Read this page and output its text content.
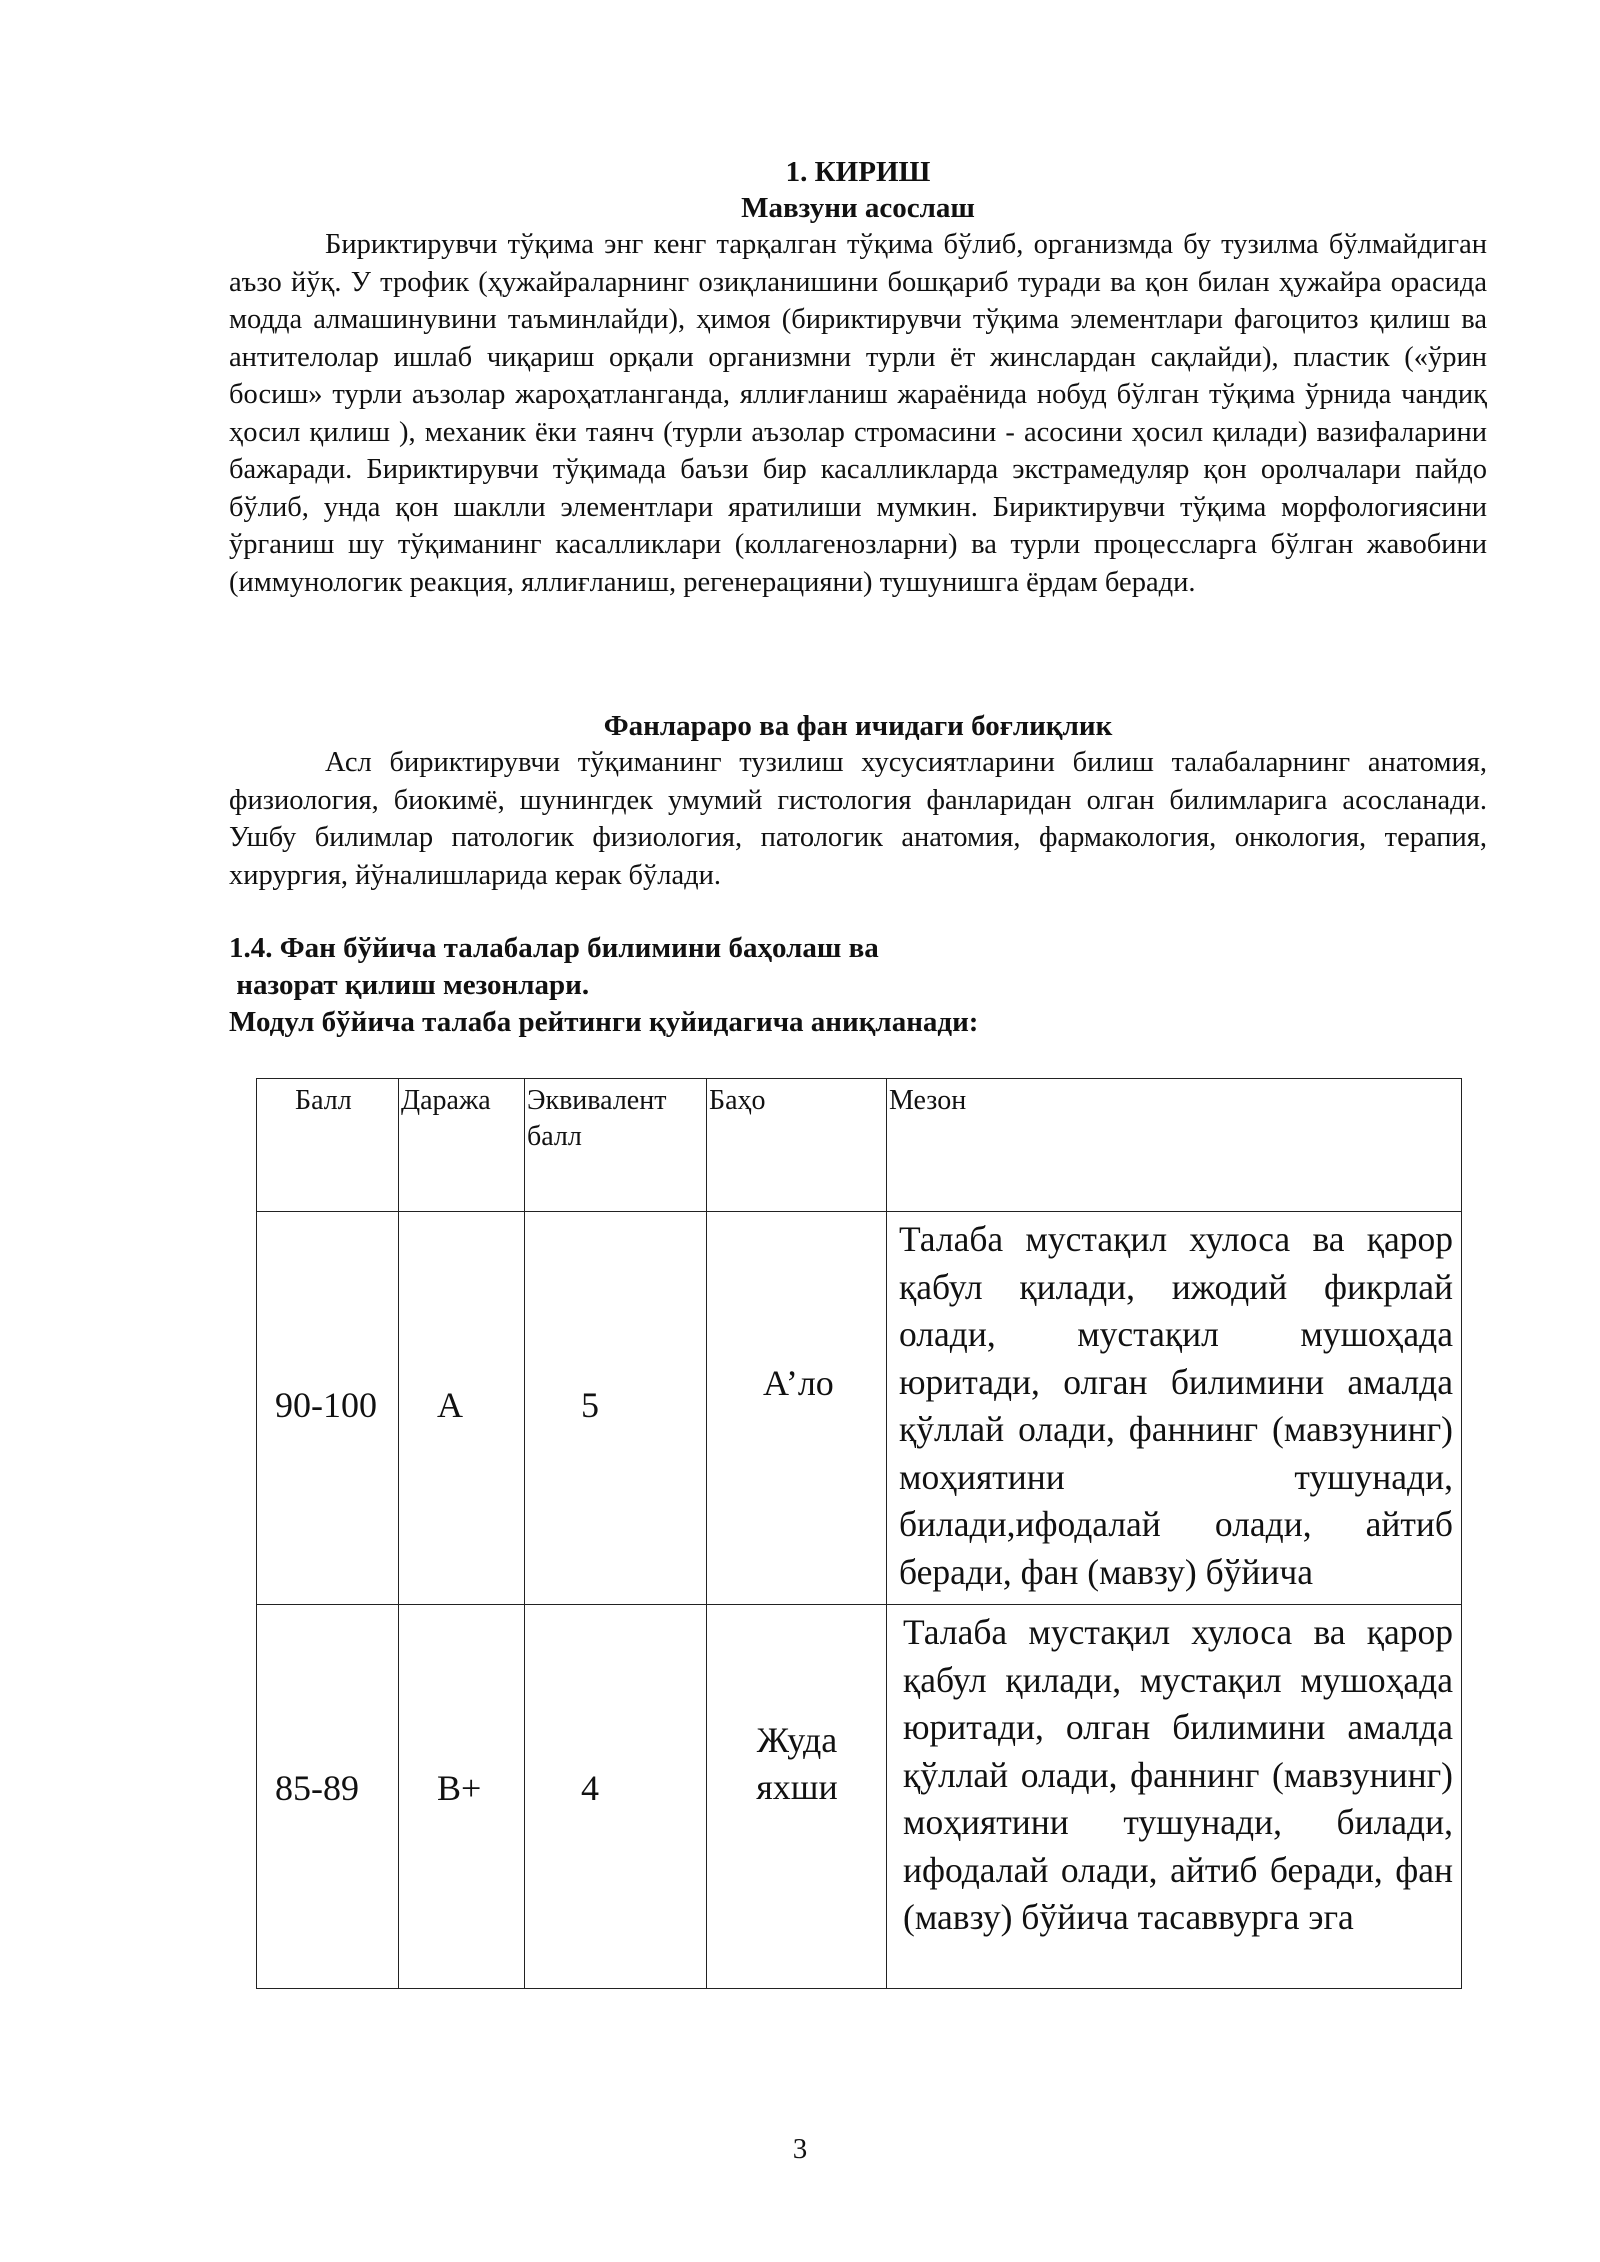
1. КИРИШ

Мавзуни асослаш

Бириктирувчи тўқима энг кенг тарқалган тўқима бўлиб, организмда бу тузилма бўлмайдиган аъзо йўқ. У трофик (ҳужайраларнинг озиқланишини бошқариб туради ва қон билан ҳужайра орасида модда алмашинувини таъминлайди), ҳимоя (бириктирувчи тўқима элементлари фагоцитоз қилиш ва антителолар ишлаб чиқариш орқали организмни турли ёт жинслардан сақлайди), пластик («ўрин босиш» турли аъзолар жароҳатланганда, яллиғланиш жараёнида нобуд бўлган тўқима ўрнида чандиқ ҳосил қилиш ), механик ёки таянч (турли аъзолар стромасини - асосини ҳосил қилади) вазифаларини бажаради. Бириктирувчи тўқимада баъзи бир касалликларда экстрамедуляр қон оролчалари пайдо бўлиб, унда қон шаклли элементлари яратилиши мумкин. Бириктирувчи тўқима морфологиясини ўрганиш шу тўқиманинг касалликлари (коллагенозларни) ва турли процессларга бўлган жавобини (иммунологик реакция, яллиғланиш, регенерацияни) тушунишга ёрдам беради.

Фанлараро ва фан ичидаги боғлиқлик

Асл бириктирувчи тўқиманинг тузилиш хусусиятларини билиш талабаларнинг анатомия, физиология, биокимё, шунингдек умумий гистология фанларидан олган билимларига асосланади. Ушбу билимлар патологик физиология, патологик анатомия, фармакология, онкология, терапия, хирургия, йўналишларида керак бўлади.

1.4. Фан бўйича талабалар билимини баҳолаш ва

назорат қилиш мезонлари.

Модул бўйича талаба рейтинги қуйидагича аниқланади:

Балл	Даража	Эквивалент балл	Баҳо	Мезон

90-100	A	5	А’ло	Талаба мустақил хулоса ва қарор қабул қилади, ижодий фикрлай олади, мустақил мушоҳада юритади, олган билимини амалда қўллай олади, фаннинг (мавзунинг) моҳиятини тушунади, билади,ифодалай олади, айтиб беради, фан (мавзу) бўйича

85-89	B+	4	Жуда яхши	Талаба мустақил хулоса ва қарор қабул қилади, мустақил мушоҳада юритади, олган билимини амалда қўллай олади, фаннинг (мавзунинг) моҳиятини тушунади, билади, ифодалай олади, айтиб беради, фан (мавзу) бўйича тасаввурга эга
3
